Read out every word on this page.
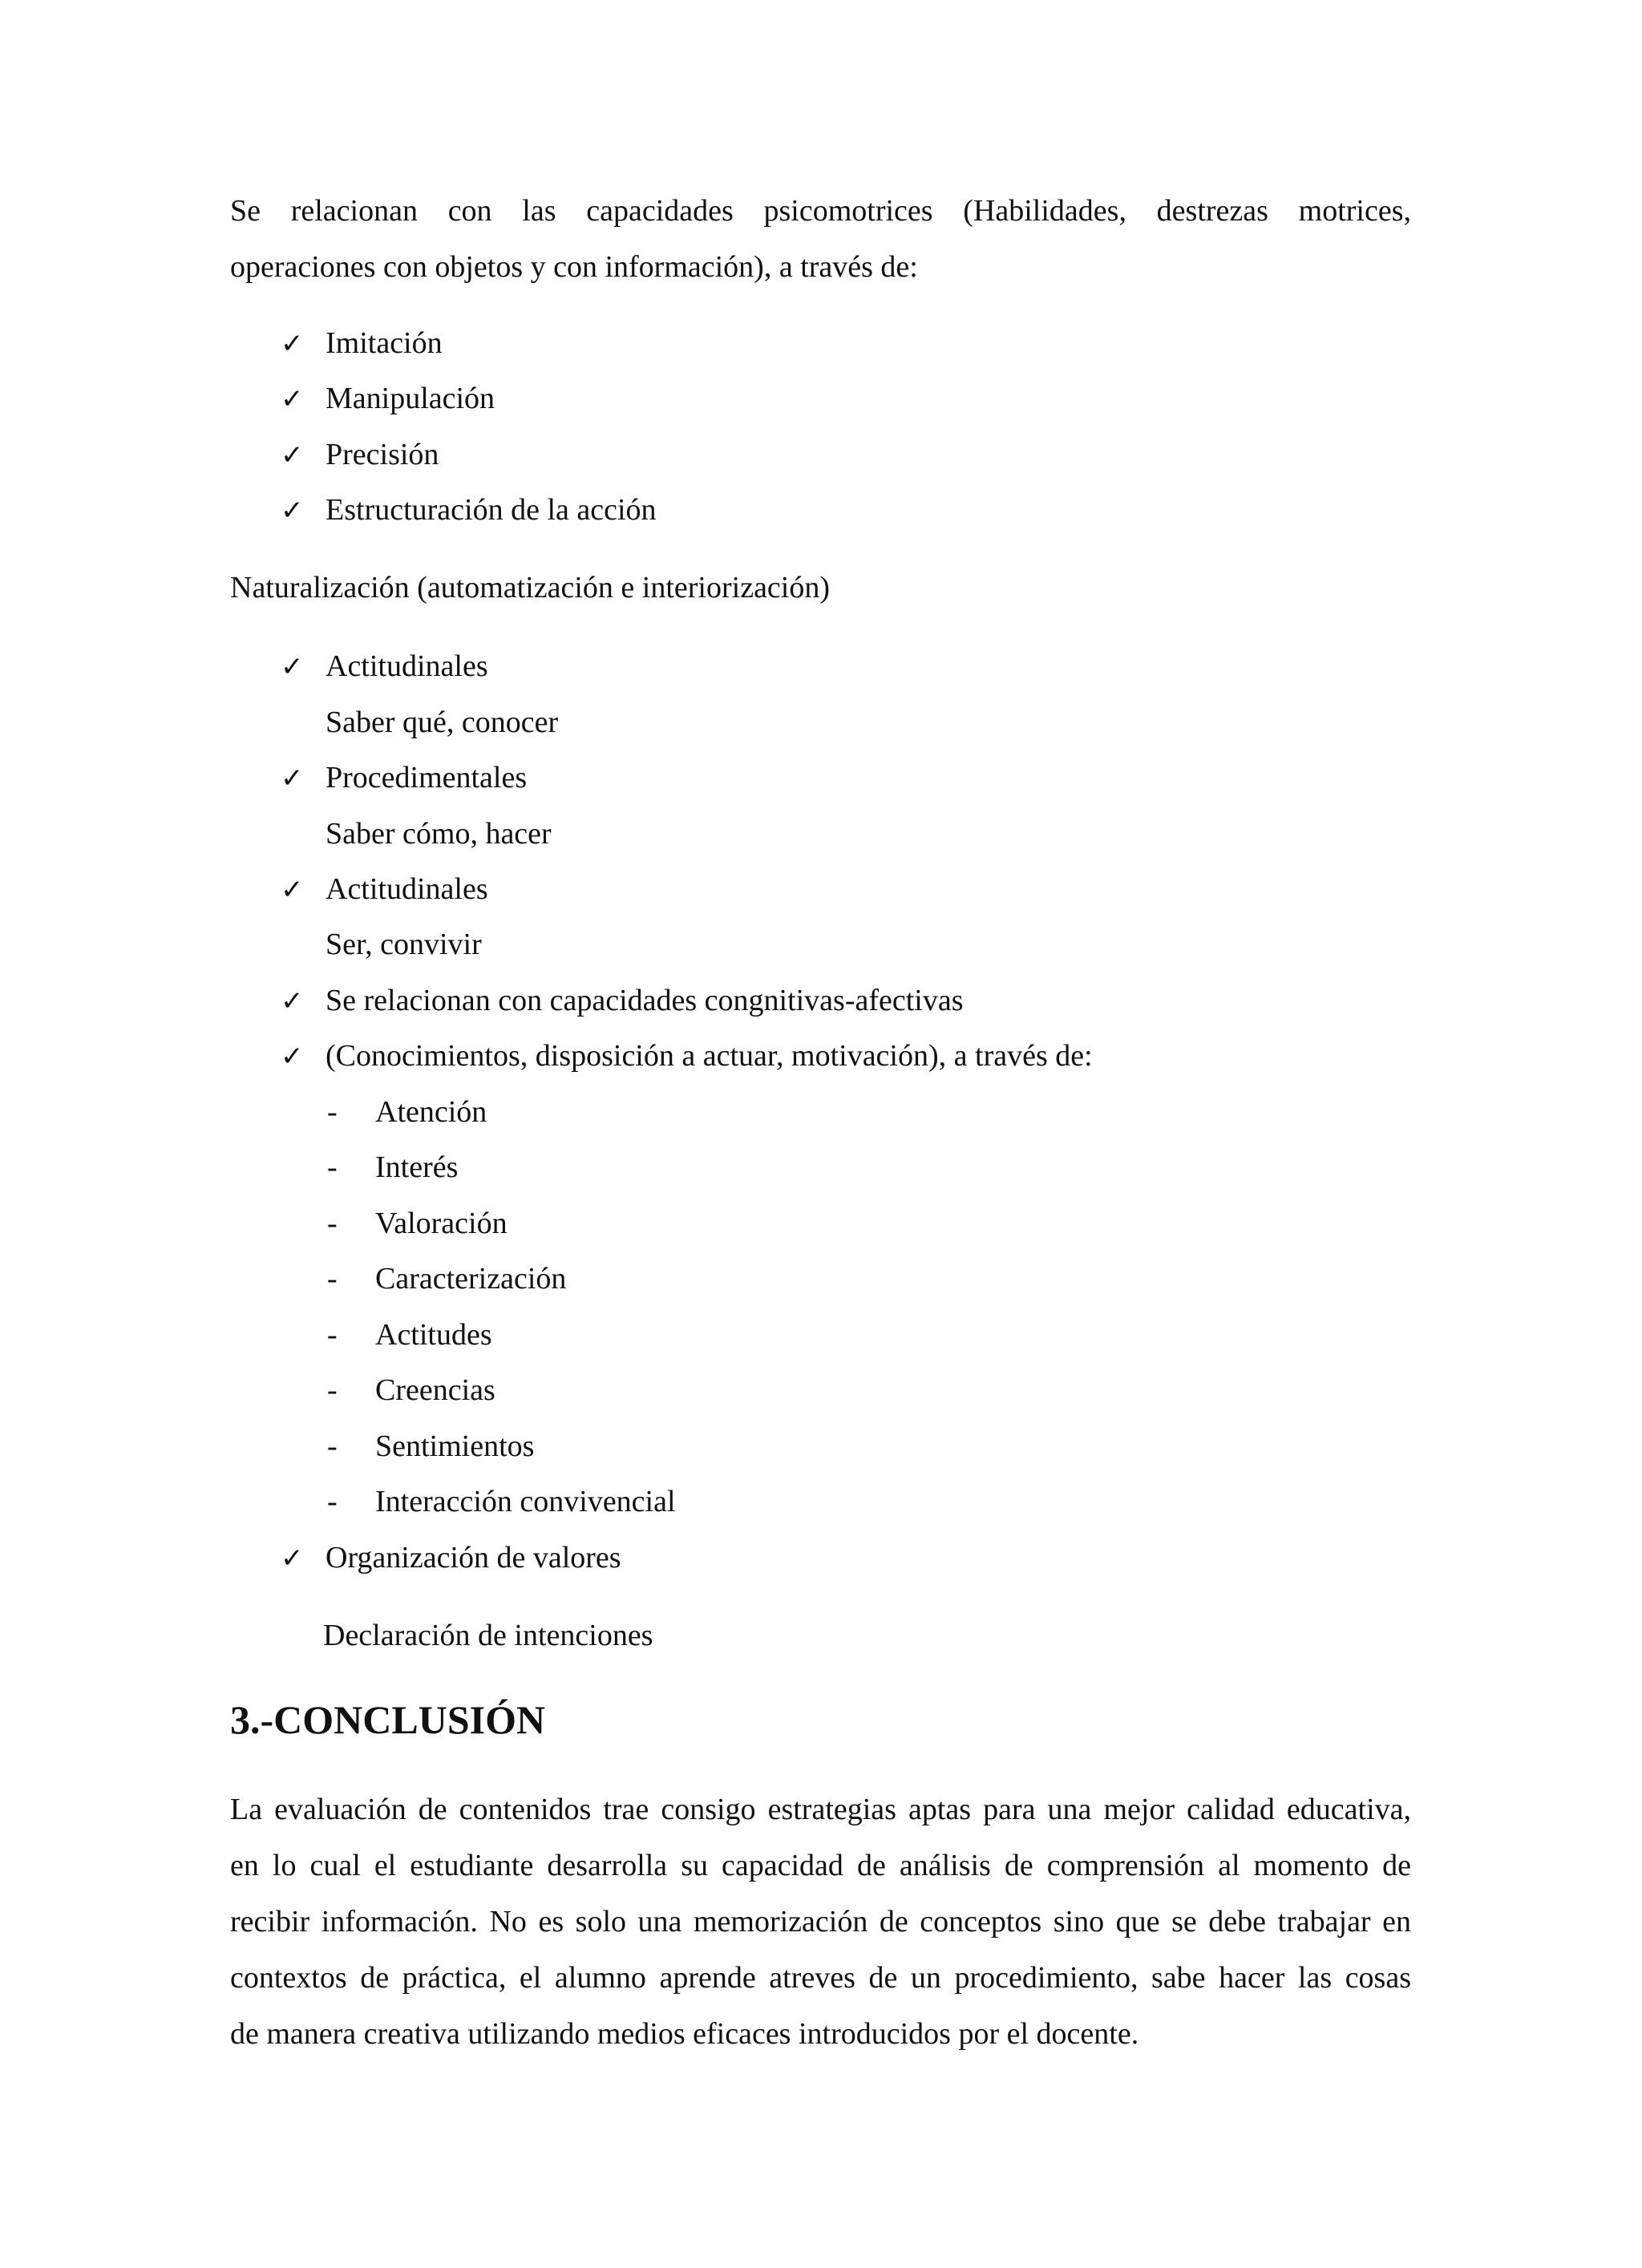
Se relacionan con las capacidades psicomotrices (Habilidades, destrezas motrices,
operaciones con objetos y con información), a través de:
✓ Imitación
✓ Manipulación
✓ Precisión
✓ Estructuración de la acción
Naturalización (automatización e interiorización)
✓ Actitudinales
Saber qué, conocer
✓ Procedimentales
Saber cómo, hacer
✓ Actitudinales
Ser, convivir
✓ Se relacionan con capacidades congnitivas-afectivas
✓ (Conocimientos, disposición a actuar, motivación), a través de:
- Atención
- Interés
- Valoración
- Caracterización
- Actitudes
- Creencias
- Sentimientos
- Interacción convivencial
✓ Organización de valores
Declaración de intenciones
3.-CONCLUSIÓN
La evaluación de contenidos trae consigo estrategias aptas para una mejor calidad educativa,
en lo cual el estudiante desarrolla su capacidad de análisis de comprensión al momento de
recibir información. No es solo una memorización de conceptos sino que se debe trabajar en
contextos de práctica, el alumno aprende atreves de un procedimiento, sabe hacer las cosas
de manera creativa utilizando medios eficaces introducidos por el docente.
